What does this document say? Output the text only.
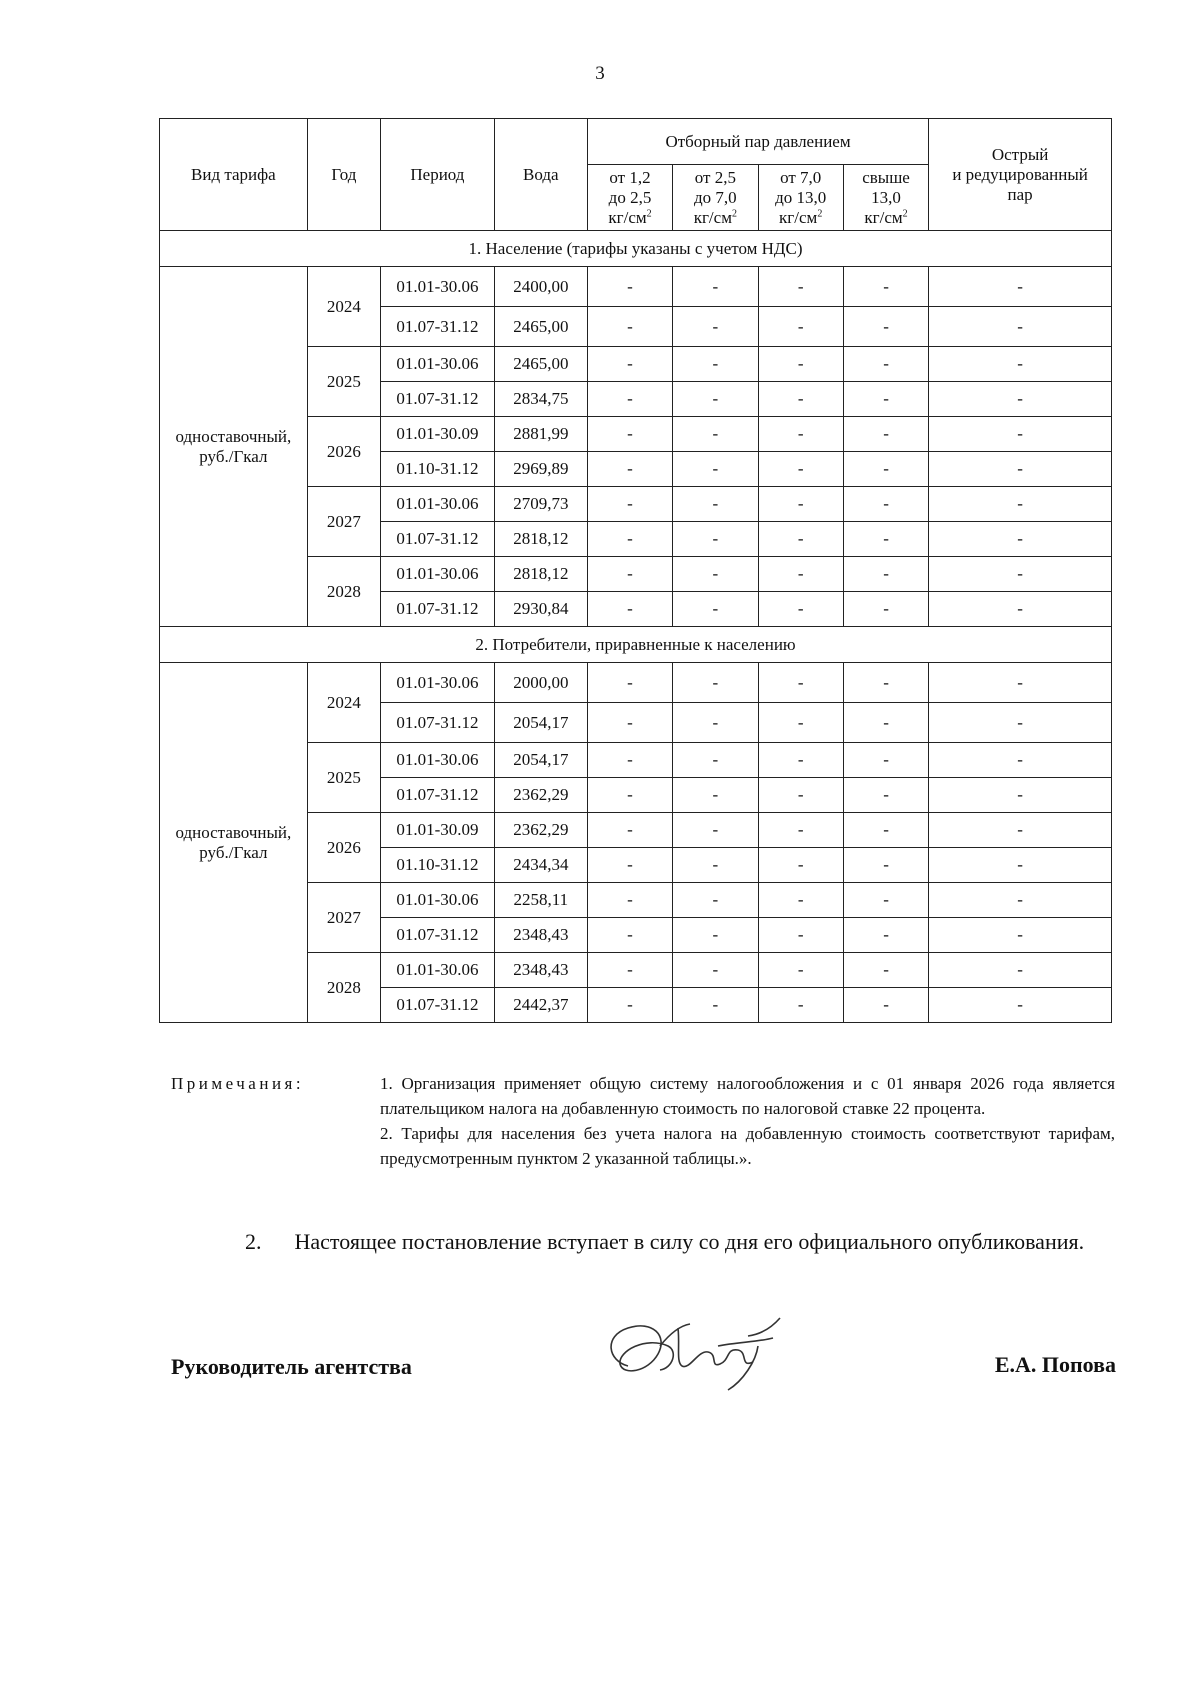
3
Вид тарифа	Год	Период	Вода	Отборный пар давлением				Острый
и редуцированный
пар
				от 1,2
до 2,5
$кг/см^2$	от 2,5
до 7,0
$кг/см^2$	от 7,0
до 13,0
$кг/см^2$	свыше
13,0
$кг/см^2$
1. Население (тарифы указаны с учетом НДС)								
одноставочный,
руб./Гкал	2024	01.01-30.06	2400,00	-	-	-	-	-
		01.07-31.12	2465,00	-	-	-	-	-
	2025	01.01-30.06	2465,00	-	-	-	-	-
		01.07-31.12	2834,75	-	-	-	-	-
	2026	01.01-30.09	2881,99	-	-	-	-	-
		01.10-31.12	2969,89	-	-	-	-	-
	2027	01.01-30.06	2709,73	-	-	-	-	-
		01.07-31.12	2818,12	-	-	-	-	-
	2028	01.01-30.06	2818,12	-	-	-	-	-
		01.07-31.12	2930,84	-	-	-	-	-
2. Потребители, приравненные к населению								
одноставочный,
руб./Гкал	2024	01.01-30.06	2000,00	-	-	-	-	-
		01.07-31.12	2054,17	-	-	-	-	-
	2025	01.01-30.06	2054,17	-	-	-	-	-
		01.07-31.12	2362,29	-	-	-	-	-
	2026	01.01-30.09	2362,29	-	-	-	-	-
		01.10-31.12	2434,34	-	-	-	-	-
	2027	01.01-30.06	2258,11	-	-	-	-	-
		01.07-31.12	2348,43	-	-	-	-	-
	2028	01.01-30.06	2348,43	-	-	-	-	-
		01.07-31.12	2442,37	-	-	-	-	-
Примечания:	1. Организация применяет общую систему налогообложения и с 01 января 2026 года является плательщиком налога на добавленную стоимость по налоговой ставке 22 процента.

2. Тарифы для населения без учета налога на добавленную стоимость соответствуют тарифам, предусмотренным пунктом 2 указанной таблицы.».

2. Настоящее постановление вступает в силу со дня его официального опубликования.
Руководитель агентства	Е.А. Попова
